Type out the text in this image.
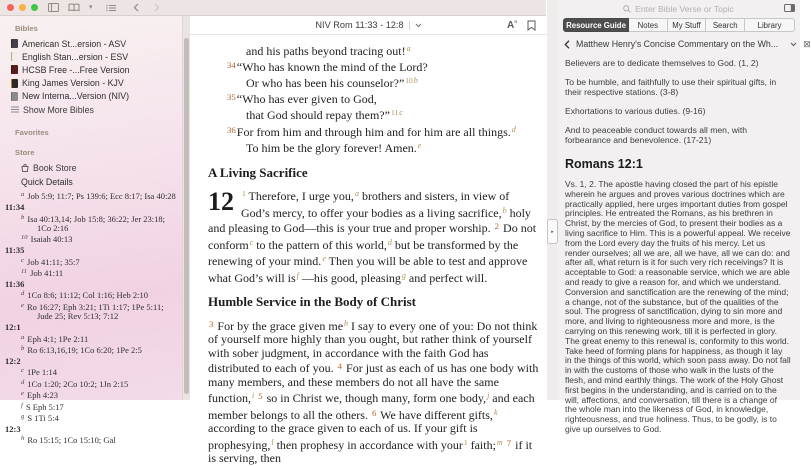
▾
Bibles
American St...ersion - ASV
English Stan...ersion - ESV
HCSB Free -...Free Version
King James Version - KJV
New Interna...Version (NIV)
Show More Bibles
Favorites
Store
Book Store
Quick Details
$^a$ Job 5:9; 11:7; Ps 139:6; Ecc 8:17; Isa 40:28
11:34
$^b$ Isa 40:13,14; Job 15:8; 36:22; Jer 23:18; 1Co 2:16
$^{10}$ Isaiah 40:13
11:35
$^c$ Job 41:11; 35:7
$^{11}$ Job 41:11
11:36
$^d$ 1Co 8:6; 11:12; Col 1:16; Heb 2:10
$^e$ Ro 16:27; Eph 3:21; 1Ti 1:17; 1Pe 5:11; Jude 25; Rev 5:13; 7:12
12:1
$^a$ Eph 4:1; 1Pe 2:11
$^b$ Ro 6:13,16,19; 1Co 6:20; 1Pe 2:5
12:2
$^c$ 1Pe 1:14
$^d$ 1Co 1:20; 2Co 10:2; 1Jn 2:15
$^e$ Eph 4:23
$^f$ S Eph 5:17
$^g$ S 1Ti 5:4
12:3
$^h$ Ro 15:15; 1Co 15:10; Gal
NIV Rom 11:33 - 12:8	$A^a$
and his paths beyond tracing out!$^a$
$^{34}$“Who has known the mind of the Lord?
Or who has been his counselor?”$^{10b}$
$^{35}$“Who has ever given to God,
that God should repay them?”$^{11c}$
$^{36}$For from him and through him and for him are all things.$^d$
To him be the glory forever! Amen.$^e$
A Living Sacrifice
12 $^1$ Therefore, I urge you,$^a$ brothers and sisters, in view of God’s mercy, to offer your bodies as a living sacrifice,$^b$ holy and pleasing to God—this is your true and proper worship. $^2$ Do not conform$^c$ to the pattern of this world,$^d$ but be transformed by the renewing of your mind.$^e$ Then you will be able to test and approve what God’s will $is^f$ —his good, pleasing$^g$ and perfect will.
Humble Service in the Body of Christ
$^3$ For by the grace given $me^h$ I say to every one of you: Do not think of yourself more highly than you ought, but rather think of yourself with sober judgment, in accordance with the faith God has distributed to each of you. $^4$ For just as each of us has one body with many members, and these members do not all have the same function,$^i$ $^5$ so in Christ we, though many, form one body,$^j$ and each member belongs to all the others. $^6$ We have different gifts,$^k$ according to the grace given to each of us. If your gift is prophesying,$^l$ then prophesy in accordance with your$^1$ faith;$^m$ $^7$ if it is serving, then
▸
Enter Bible Verse or Topic
Resource Guide	Notes	My Stuff	Search	Library
Matthew Henry's Concise Commentary on the Wh...	⊠
Believers are to dedicate themselves to God. (1, 2)
To be humble, and faithfully to use their spiritual gifts, in their respective stations. (3-8)
Exhortations to various duties. (9-16)
And to peaceable conduct towards all men, with forbearance and benevolence. (17-21)
Romans 12:1
Vs. 1, 2. The apostle having closed the part of his epistle wherein he argues and proves various doctrines which are practically applied, here urges important duties from gospel principles. He entreated the Romans, as his brethren in Christ, by the mercies of God, to present their bodies as a living sacrifice to Him. This is a powerful appeal. We receive from the Lord every day the fruits of his mercy. Let us render ourselves; all we are, all we have, all we can do: and after all, what return is it for such very rich receivings? It is acceptable to God: a reasonable service, which we are able and ready to give a reason for, and which we understand. Conversion and sanctification are the renewing of the mind; a change, not of the substance, but of the qualities of the soul. The progress of sanctification, dying to sin more and more, and living to righteousness more and more, is the carrying on this renewing work, till it is perfected in glory. The great enemy to this renewal is, conformity to this world. Take heed of forming plans for happiness, as though it lay in the things of this world, which soon pass away. Do not fall in with the customs of those who walk in the lusts of the flesh, and mind earthly things. The work of the Holy Ghost first begins in the understanding, and is carried on to the will, affections, and conversation, till there is a change of the whole man into the likeness of God, in knowledge, righteousness, and true holiness. Thus, to be godly, is to give up ourselves to God.
